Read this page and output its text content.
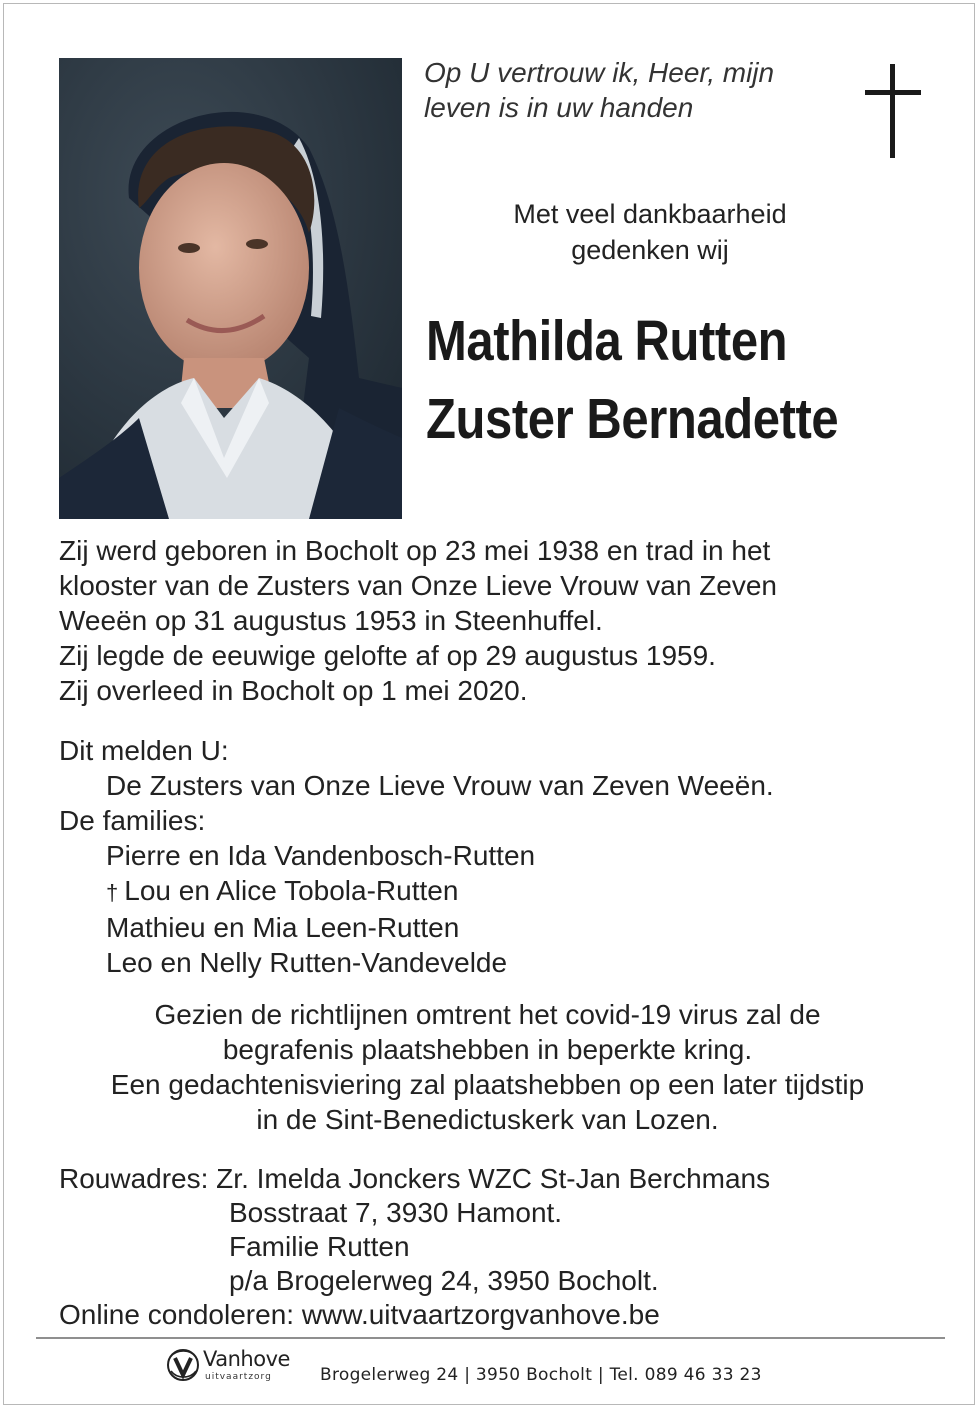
Op U vertrouw ik, Heer, mijn
leven is in uw handen
Met veel dankbaarheid
gedenken wij
Mathilda Rutten
Zuster Bernadette
Zij werd geboren in Bocholt op 23 mei 1938 en trad in het
klooster van de Zusters van Onze Lieve Vrouw van Zeven
Weeën op 31 augustus 1953 in Steenhuffel.
Zij legde de eeuwige gelofte af op 29 augustus 1959.
Zij overleed in Bocholt op 1 mei 2020.
Dit melden U:
De Zusters van Onze Lieve Vrouw van Zeven Weeën.
De families:
Pierre en Ida Vandenbosch-Rutten
† Lou en Alice Tobola-Rutten
Mathieu en Mia Leen-Rutten
Leo en Nelly Rutten-Vandevelde
Gezien de richtlijnen omtrent het covid-19 virus zal de
begrafenis plaatshebben in beperkte kring.
Een gedachtenisviering zal plaatshebben op een later tijdstip
in de Sint-Benedictuskerk van Lozen.
Rouwadres: Zr. Imelda Jonckers WZC St-Jan Berchmans
Bosstraat 7, 3930 Hamont.
Familie Rutten
p/a Brogelerweg 24, 3950 Bocholt.
Online condoleren: www.uitvaartzorgvanhove.be
Vanhove
uitvaartzorg	Brogelerweg 24 | 3950 Bocholt | Tel. 089 46 33 23
